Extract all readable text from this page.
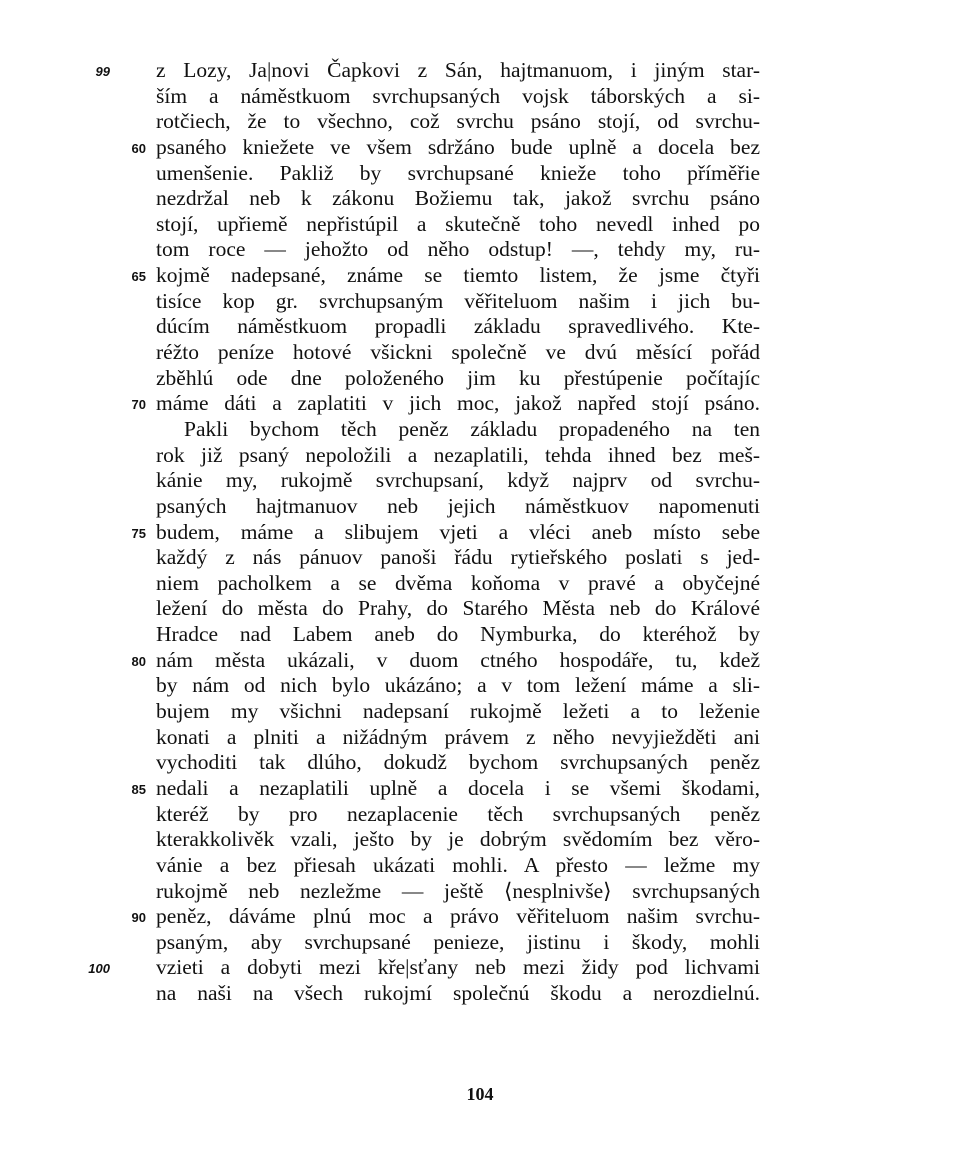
99 z Lozy, Ja|novi Čapkovi z Sán, hajtmanuom, i jiným star-
ším a náměstkuom svrchupsaných vojsk táborských a si-
rotčiech, že to všechno, což svrchu psáno stojí, od svrchu-
60 psaného kniežete ve všem sdržáno bude uplně a docela bez
umenšenie. Pakliž by svrchupsané knieže toho příměřie
nezdržal neb k zákonu Božiemu tak, jakož svrchu psáno
stojí, upřiemě nepřistúpil a skutečně toho nevedl inhed po
tom roce — jehožto od něho odstup! —, tehdy my, ru-
65 kojmě nadepsané, známe se tiemto listem, že jsme čtyři
tisíce kop gr. svrchupsaným věřiteluom našim i jich bu-
dúcím náměstkuom propadli základu spravedlivého. Kte-
réžto peníze hotové všickni společně ve dvú měsící pořád
zběhlú ode dne položeného jim ku přestúpenie počítajíc
70 máme dáti a zaplatiti v jich moc, jakož napřed stojí psáno.
Pakli bychom těch peněz základu propadeného na ten
rok již psaný nepoložili a nezaplatili, tehda ihned bez meš-
kánie my, rukojmě svrchupsaní, když najprv od svrchu-
psaných hajtmanuov neb jejich náměstkuov napomenuti
75 budem, máme a slibujem vjeti a vléci aneb místo sebe
každý z nás pánuov panoši řádu rytieřského poslati s jed-
niem pacholkem a se dvěma koňoma v pravé a obyčejné
ležení do města do Prahy, do Starého Města neb do Králové
Hradce nad Labem aneb do Nymburka, do kteréhož by
80 nám města ukázali, v duom ctného hospodáře, tu, kdež
by nám od nich bylo ukázáno; a v tom ležení máme a sli-
bujem my všichni nadepsaní rukojmě ležeti a to leženie
konati a plniti a nižádným právem z něho nevyjiežděti ani
vychoditi tak dlúho, dokudž bychom svrchupsaných peněz
85 nedali a nezaplatili uplně a docela i se všemi škodami,
kteréž by pro nezaplacenie těch svrchupsaných peněz
kterakkolivěk vzali, ješto by je dobrým svědomím bez věro-
vánie a bez přiesah ukázati mohli. A přesto — ležme my
rukojmě neb nezležme — ještě ⟨nesplnivše⟩ svrchupsaných
90 peněz, dáváme plnú moc a právo věřiteluom našim svrchu-
psaným, aby svrchupsané penieze, jistinu i škody, mohli
100 vzieti a dobyti mezi kře|sťany neb mezi židy pod lichvami
na naši na všech rukojmí společnú škodu a nerozdielnú.
104
